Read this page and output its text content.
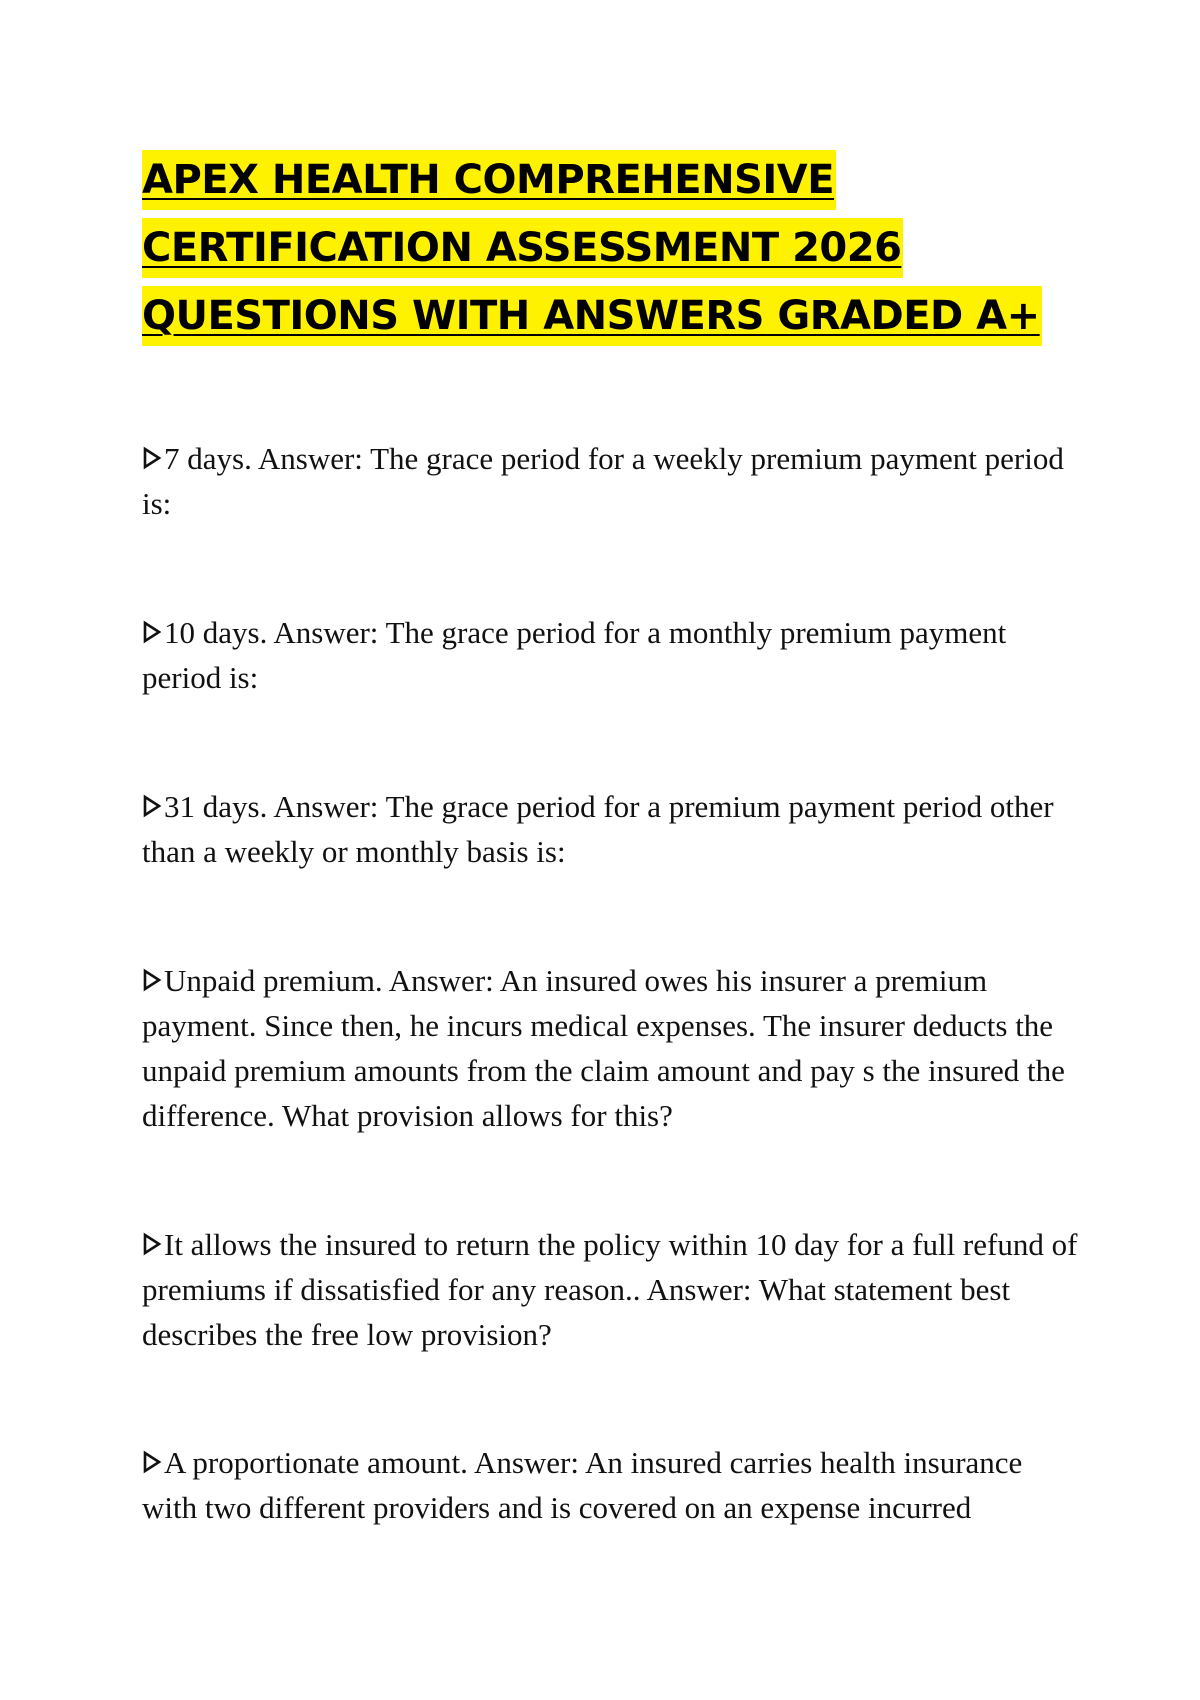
APEX HEALTH COMPREHENSIVE
CERTIFICATION ASSESSMENT 2026
QUESTIONS WITH ANSWERS GRADED A+
7 days. Answer: The grace period for a weekly premium payment period is:
10 days. Answer: The grace period for a monthly premium payment period is:
31 days. Answer: The grace period for a premium payment period other than a weekly or monthly basis is:
Unpaid premium. Answer: An insured owes his insurer a premium payment. Since then, he incurs medical expenses. The insurer deducts the unpaid premium amounts from the claim amount and pay s the insured the difference. What provision allows for this?
It allows the insured to return the policy within 10 day for a full refund of premiums if dissatisfied for any reason.. Answer: What statement best describes the free low provision?
A proportionate amount. Answer: An insured carries health insurance with two different providers and is covered on an expense incurred
